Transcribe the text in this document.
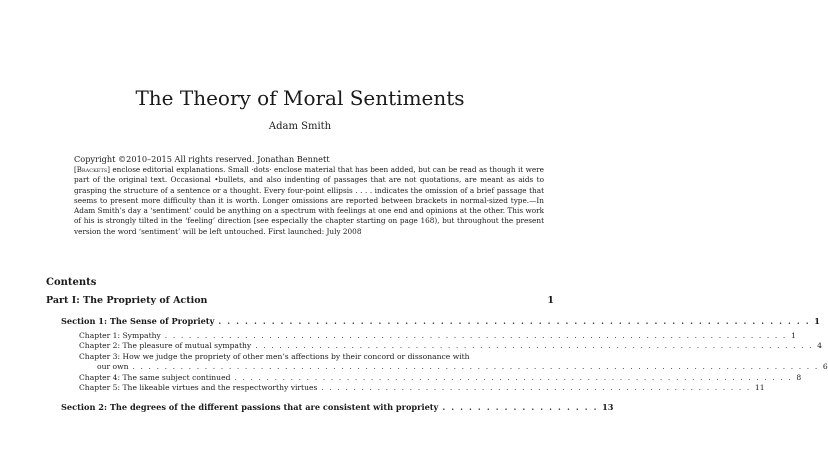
The Theory of Moral Sentiments
Adam Smith
Copyright ©2010–2015 All rights reserved. Jonathan Bennett
[Brackets] enclose editorial explanations. Small ·dots· enclose material that has been added, but can be read as though it were part of the original text. Occasional •bullets, and also indenting of passages that are not quotations, are meant as aids to grasping the structure of a sentence or a thought. Every four-point ellipsis . . . . indicates the omission of a brief passage that seems to present more difficulty than it is worth. Longer omissions are reported between brackets in normal-sized type.—In Adam Smith’s day a ‘sentiment’ could be anything on a spectrum with feelings at one end and opinions at the other. This work of his is strongly tilted in the ‘feeling’ direction [see especially the chapter starting on page 168), but throughout the present version the word ‘sentiment’ will be left untouched. First launched: July 2008
Contents
Part I: The Propriety of Action	1
Section 1: The Sense of Propriety . . . . . . . . . . . . . . . . . . . . . . . . . . . . . . . . . . . . . . . . . . . . . . . . . . . . . . . . . . . . . . . . . . . 1
Chapter 1: Sympathy . . . . . . . . . . . . . . . . . . . . . . . . . . . . . . . . . . . . . . . . . . . . . . . . . . . . . . . . . . . . . . . . . . . . . . . . . . . . . . 1
Chapter 2: The pleasure of mutual sympathy . . . . . . . . . . . . . . . . . . . . . . . . . . . . . . . . . . . . . . . . . . . . . . . . . . . . . . . . . . . . . . . . . . . . . . 4
Chapter 3: How we judge the propriety of other men’s affections by their concord or dissonance with
our own . . . . . . . . . . . . . . . . . . . . . . . . . . . . . . . . . . . . . . . . . . . . . . . . . . . . . . . . . . . . . . . . . . . . . . . . . . . . . . . . . . . . . . 6
Chapter 4: The same subject continued . . . . . . . . . . . . . . . . . . . . . . . . . . . . . . . . . . . . . . . . . . . . . . . . . . . . . . . . . . . . . . . . . . . . . . 8
Chapter 5: The likeable virtues and the respectworthy virtues . . . . . . . . . . . . . . . . . . . . . . . . . . . . . . . . . . . . . . . . . . . . . . . . . . . . . . 11
Section 2: The degrees of the different passions that are consistent with propriety . . . . . . . . . . . . . . . . . . 13
